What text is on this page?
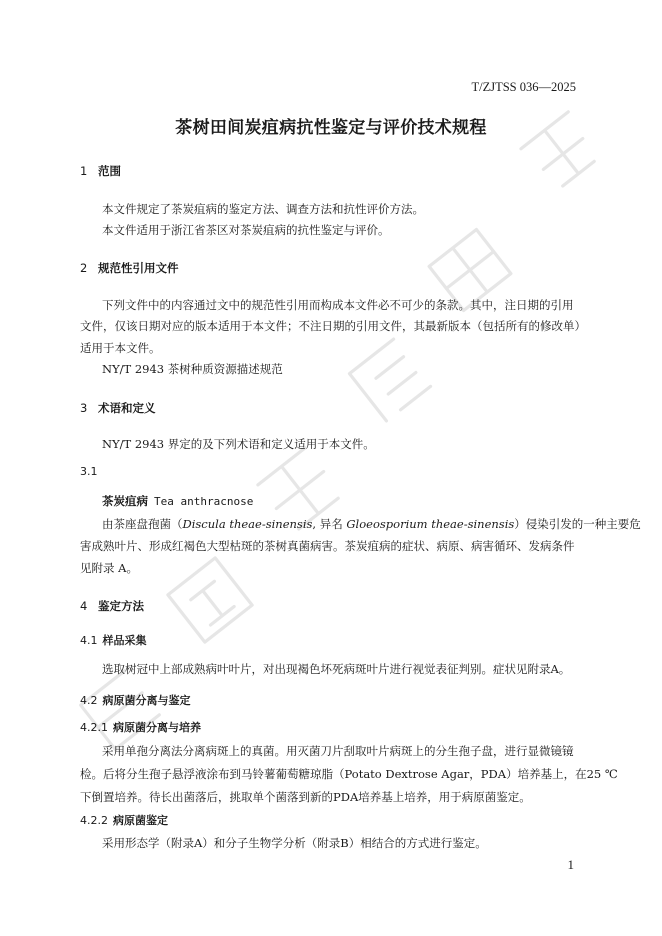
T/ZJTSS 036—2025
茶树田间炭疽病抗性鉴定与评价技术规程
1 范围
本文件规定了茶炭疽病的鉴定方法、调查方法和抗性评价方法。
本文件适用于浙江省茶区对茶炭疽病的抗性鉴定与评价。
2 规范性引用文件
下列文件中的内容通过文中的规范性引用而构成本文件必不可少的条款。其中，注日期的引用
文件，仅该日期对应的版本适用于本文件；不注日期的引用文件，其最新版本（包括所有的修改单）
适用于本文件。
NY/T 2943 茶树种质资源描述规范
3 术语和定义
NY/T 2943 界定的及下列术语和定义适用于本文件。
3.1
茶炭疽病 Tea anthracnose
由茶座盘孢菌（Discula theae-sinensis, 异名 Gloeosporium theae-sinensis）侵染引发的一种主要危
害成熟叶片、形成红褐色大型枯斑的茶树真菌病害。茶炭疽病的症状、病原、病害循环、发病条件
见附录 A。
4 鉴定方法
4.1 样品采集
选取树冠中上部成熟病叶叶片，对出现褐色坏死病斑叶片进行视觉表征判别。症状见附录A。
4.2 病原菌分离与鉴定
4.2.1 病原菌分离与培养
采用单孢分离法分离病斑上的真菌。用灭菌刀片刮取叶片病斑上的分生孢子盘，进行显微镜镜
检。后将分生孢子悬浮液涂布到马铃薯葡萄糖琼脂（Potato Dextrose Agar，PDA）培养基上，在25 ℃
下倒置培养。待长出菌落后，挑取单个菌落到新的PDA培养基上培养，用于病原菌鉴定。
4.2.2 病原菌鉴定
采用形态学（附录A）和分子生物学分析（附录B）相结合的方式进行鉴定。
1
